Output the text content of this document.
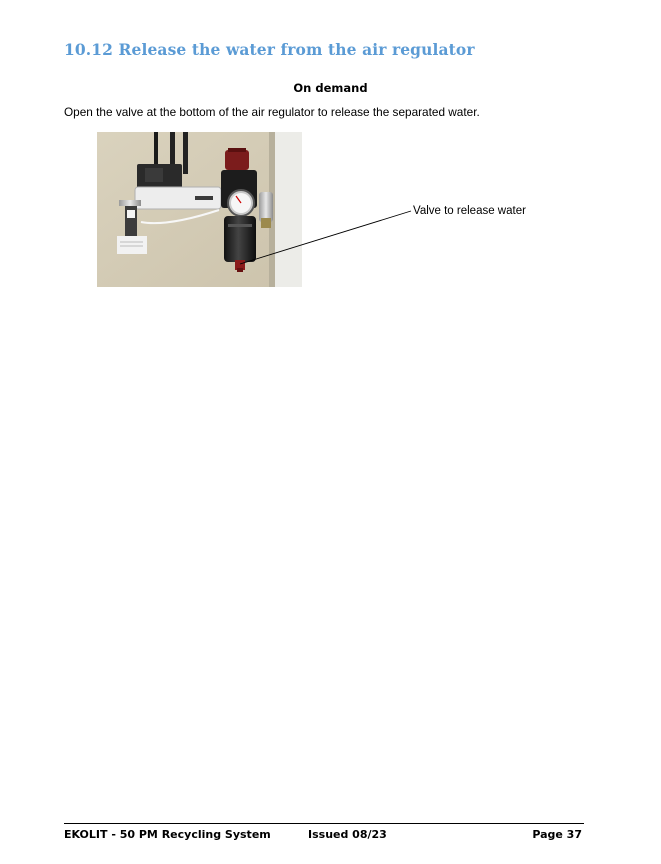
10.12 Release the water from the air regulator
On demand

Open the valve at the bottom of the air regulator to release the separated water.

Valve to release water
EKOLIT - 50 PM Recycling System	Issued 08/23	Page 37
